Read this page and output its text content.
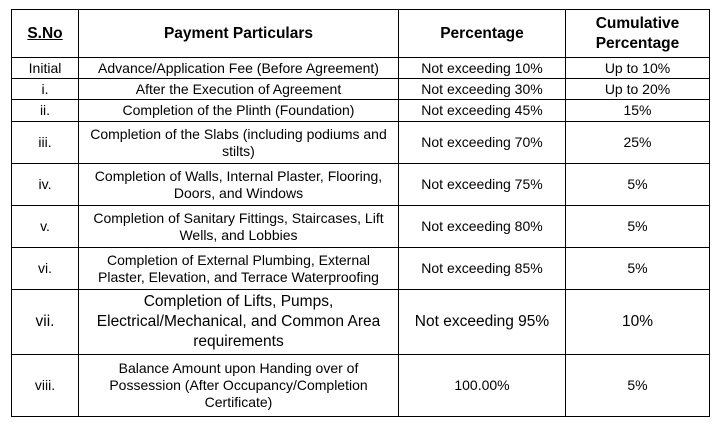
S.No	Payment Particulars	Percentage	Cumulative Percentage
Initial	Advance/Application Fee (Before Agreement)	Not exceeding 10%	Up to 10%
i.	After the Execution of Agreement	Not exceeding 30%	Up to 20%
ii.	Completion of the Plinth (Foundation)	Not exceeding 45%	15%
iii.	Completion of the Slabs (including podiums and stilts)	Not exceeding 70%	25%
iv.	Completion of Walls, Internal Plaster, Flooring, Doors, and Windows	Not exceeding 75%	5%
v.	Completion of Sanitary Fittings, Staircases, Lift Wells, and Lobbies	Not exceeding 80%	5%
vi.	Completion of External Plumbing, External Plaster, Elevation, and Terrace Waterproofing	Not exceeding 85%	5%
vii.	Completion of Lifts, Pumps, Electrical/Mechanical, and Common Area requirements	Not exceeding 95%	10%
viii.	Balance Amount upon Handing over of Possession (After Occupancy/Completion Certificate)	100.00%	5%
